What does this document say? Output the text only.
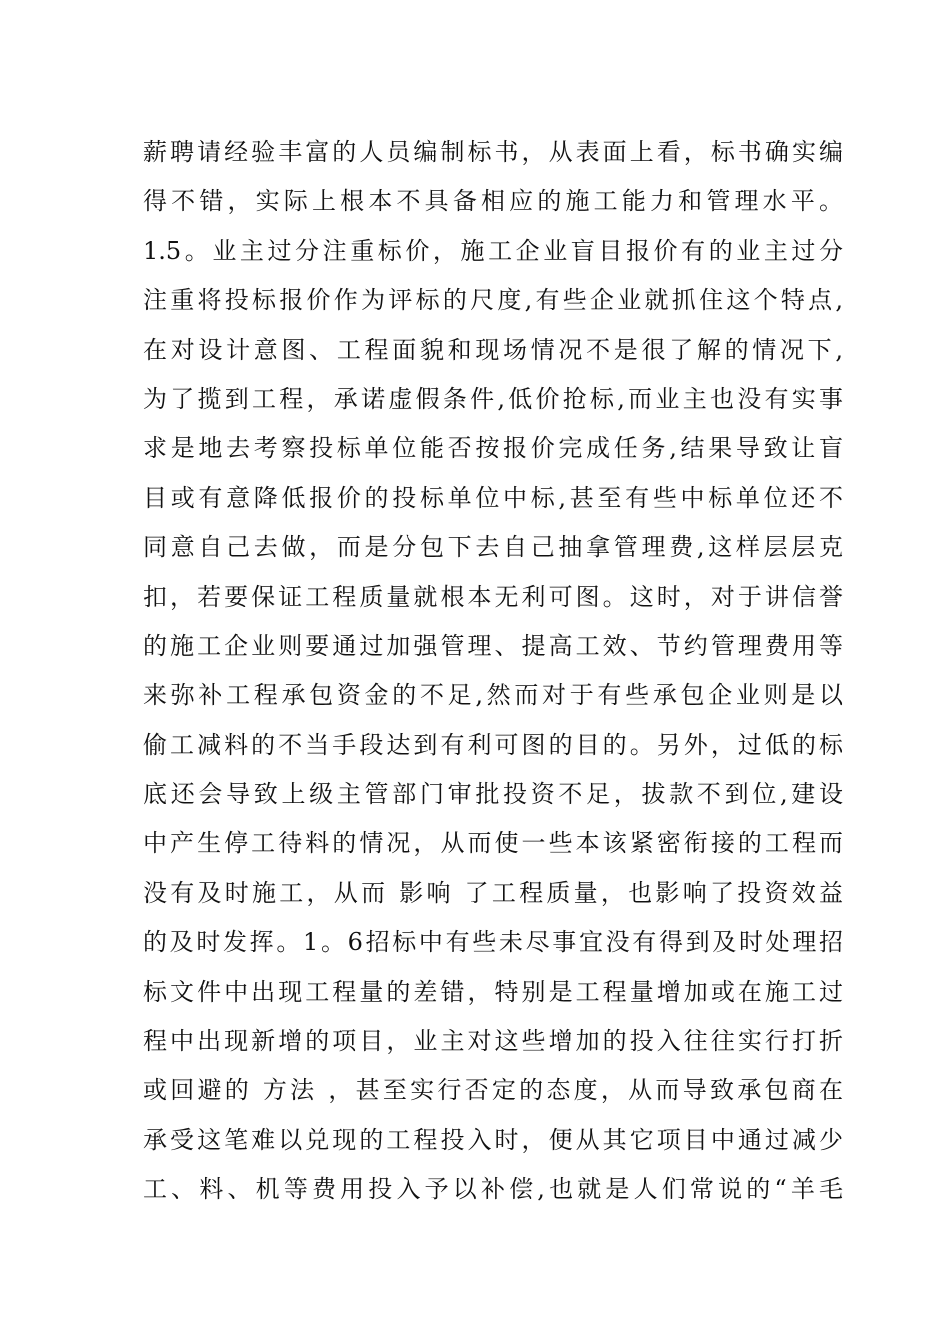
薪聘请经验丰富的人员编制标书，从表面上看，标书确实编
得不错，实际上根本不具备相应的施工能力和管理水平。
1.5。业主过分注重标价，施工企业盲目报价有的业主过分
注重将投标报价作为评标的尺度,有些企业就抓住这个特点,
在对设计意图、工程面貌和现场情况不是很了解的情况下,
为了揽到工程，承诺虚假条件,低价抢标,而业主也没有实事
求是地去考察投标单位能否按报价完成任务,结果导致让盲
目或有意降低报价的投标单位中标,甚至有些中标单位还不
同意自己去做，而是分包下去自己抽拿管理费,这样层层克
扣，若要保证工程质量就根本无利可图。这时，对于讲信誉
的施工企业则要通过加强管理、提高工效、节约管理费用等
来弥补工程承包资金的不足,然而对于有些承包企业则是以
偷工减料的不当手段达到有利可图的目的。另外，过低的标
底还会导致上级主管部门审批投资不足，拔款不到位,建设
中产生停工待料的情况，从而使一些本该紧密衔接的工程而
没有及时施工，从而 影响 了工程质量，也影响了投资效益
的及时发挥。1。6招标中有些未尽事宜没有得到及时处理招
标文件中出现工程量的差错，特别是工程量增加或在施工过
程中出现新增的项目，业主对这些增加的投入往往实行打折
或回避的 方法 ，甚至实行否定的态度，从而导致承包商在
承受这笔难以兑现的工程投入时，便从其它项目中通过减少
工、料、机等费用投入予以补偿,也就是人们常说的“羊毛
